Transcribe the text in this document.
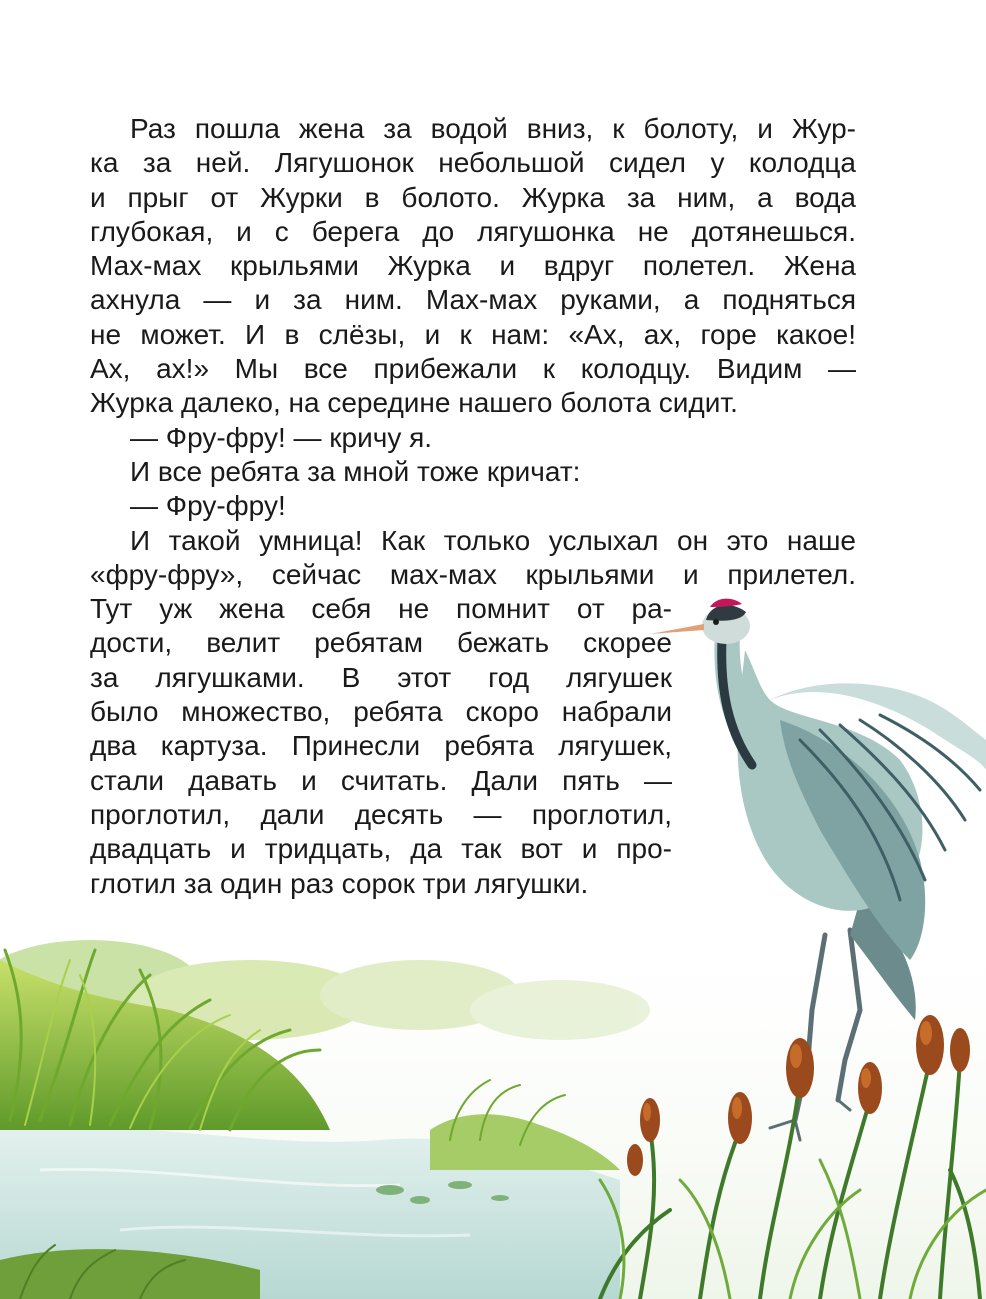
Раз пошла жена за водой вниз, к болоту, и Жур-
ка за ней. Лягушонок небольшой сидел у колодца
и прыг от Журки в болото. Журка за ним, а вода
глубокая, и с берега до лягушонка не дотянешься.
Мах-мах крыльями Журка и вдруг полетел. Жена
ахнула — и за ним. Мах-мах руками, а подняться
не может. И в слёзы, и к нам: «Ах, ах, горе какое!
Ах, ах!» Мы все прибежали к колодцу. Видим —
Журка далеко, на середине нашего болота сидит.
— Фру-фру! — кричу я.
И все ребята за мной тоже кричат:
— Фру-фру!
И такой умница! Как только услыхал он это наше
«фру-фру», сейчас мах-мах крыльями и прилетел.
Тут уж жена себя не помнит от ра-
дости, велит ребятам бежать скорее
за лягушками. В этот год лягушек
было множество, ребята скоро набрали
два картуза. Принесли ребята лягушек,
стали давать и считать. Дали пять —
проглотил, дали десять — проглотил,
двадцать и тридцать, да так вот и про-
глотил за один раз сорок три лягушки.
